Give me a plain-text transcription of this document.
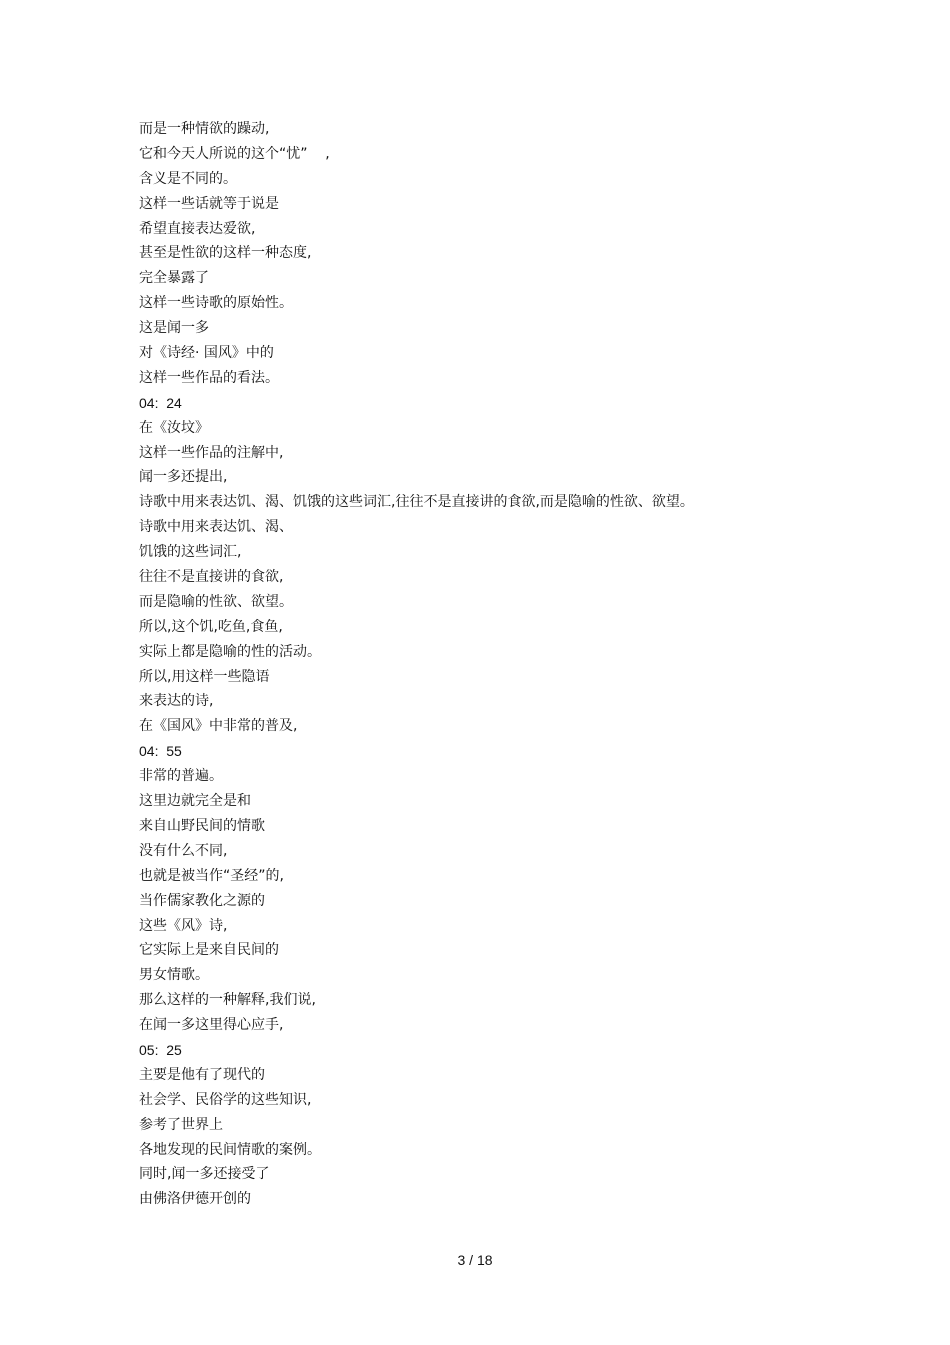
而是一种情欲的躁动,
它和今天人所说的这个“忧”    ,
含义是不同的。
这样一些话就等于说是
希望直接表达爱欲,
甚至是性欲的这样一种态度,
完全暴露了
这样一些诗歌的原始性。
这是闻一多
对《诗经· 国风》中的
这样一些作品的看法。
04:  24
在《汝坟》
这样一些作品的注解中,
闻一多还提出,
诗歌中用来表达饥、渴、饥饿的这些词汇,往往不是直接讲的食欲,而是隐喻的性欲、欲望。
诗歌中用来表达饥、渴、
饥饿的这些词汇,
往往不是直接讲的食欲,
而是隐喻的性欲、欲望。
所以,这个饥,吃鱼,食鱼,
实际上都是隐喻的性的活动。
所以,用这样一些隐语
来表达的诗,
在《国风》中非常的普及,
04:  55
非常的普遍。
这里边就完全是和
来自山野民间的情歌
没有什么不同,
也就是被当作“圣经”的,
当作儒家教化之源的
这些《风》诗,
它实际上是来自民间的
男女情歌。
那么这样的一种解释,我们说,
在闻一多这里得心应手,
05:  25
主要是他有了现代的
社会学、民俗学的这些知识,
参考了世界上
各地发现的民间情歌的案例。
同时,闻一多还接受了
由佛洛伊德开创的
3 / 18
